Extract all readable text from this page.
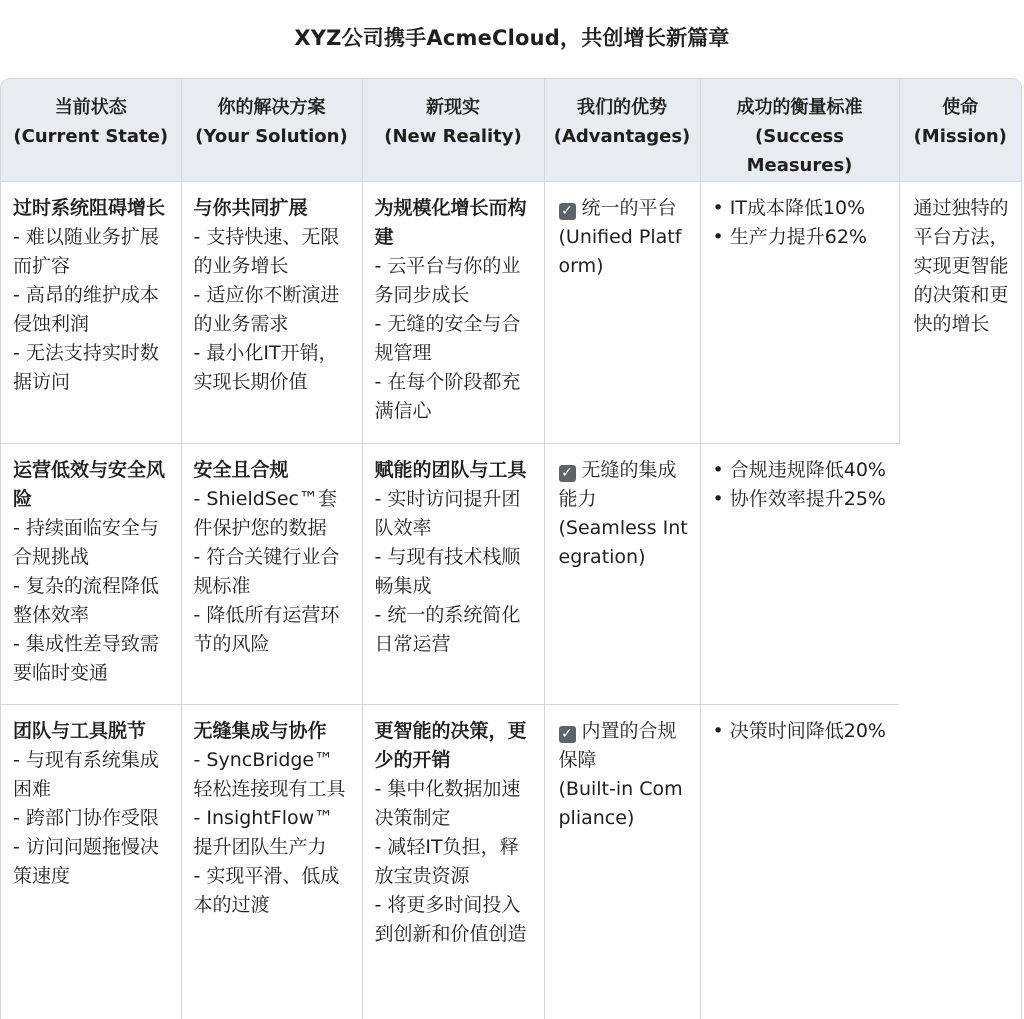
XYZ公司携手AcmeCloud，共创增长新篇章
当前状态
(Current State)	你的解决方案
(Your Solution)	新现实
(New Reality)	我们的优势
(Advantages)	成功的衡量标准
(Success
Measures)	使命
(Mission)

过时系统阻碍增长
- 难以随业务扩展而扩容
- 高昂的维护成本侵蚀利润
- 无法支持实时数据访问	与你共同扩展
- 支持快速、无限的业务增长
- 适应你不断演进的业务需求
- 最小化IT开销，实现长期价值	为规模化增长而构建
- 云平台与你的业务同步成长
- 无缝的安全与合规管理
- 在每个阶段都充满信心	✓ 统一的平台
(Unified Platform)	• IT成本降低10%
• 生产力提升62%	通过独特的平台方法，实现更智能的决策和更快的增长

运营低效与安全风险
- 持续面临安全与合规挑战
- 复杂的流程降低整体效率
- 集成性差导致需要临时变通	安全且合规
- ShieldSec™套件保护您的数据
- 符合关键行业合规标准
- 降低所有运营环节的风险	赋能的团队与工具
- 实时访问提升团队效率
- 与现有技术栈顺畅集成
- 统一的系统简化日常运营	✓ 无缝的集成能力
(Seamless Integration)	• 合规违规降低40%
• 协作效率提升25%	

团队与工具脱节
- 与现有系统集成困难
- 跨部门协作受限
- 访问问题拖慢决策速度	无缝集成与协作
- SyncBridge™轻松连接现有工具
- InsightFlow™提升团队生产力
- 实现平滑、低成本的过渡	更智能的决策，更少的开销
- 集中化数据加速决策制定
- 减轻IT负担，释放宝贵资源
- 将更多时间投入到创新和价值创造	✓ 内置的合规保障
(Built-in Compliance)	• 决策时间降低20%	
